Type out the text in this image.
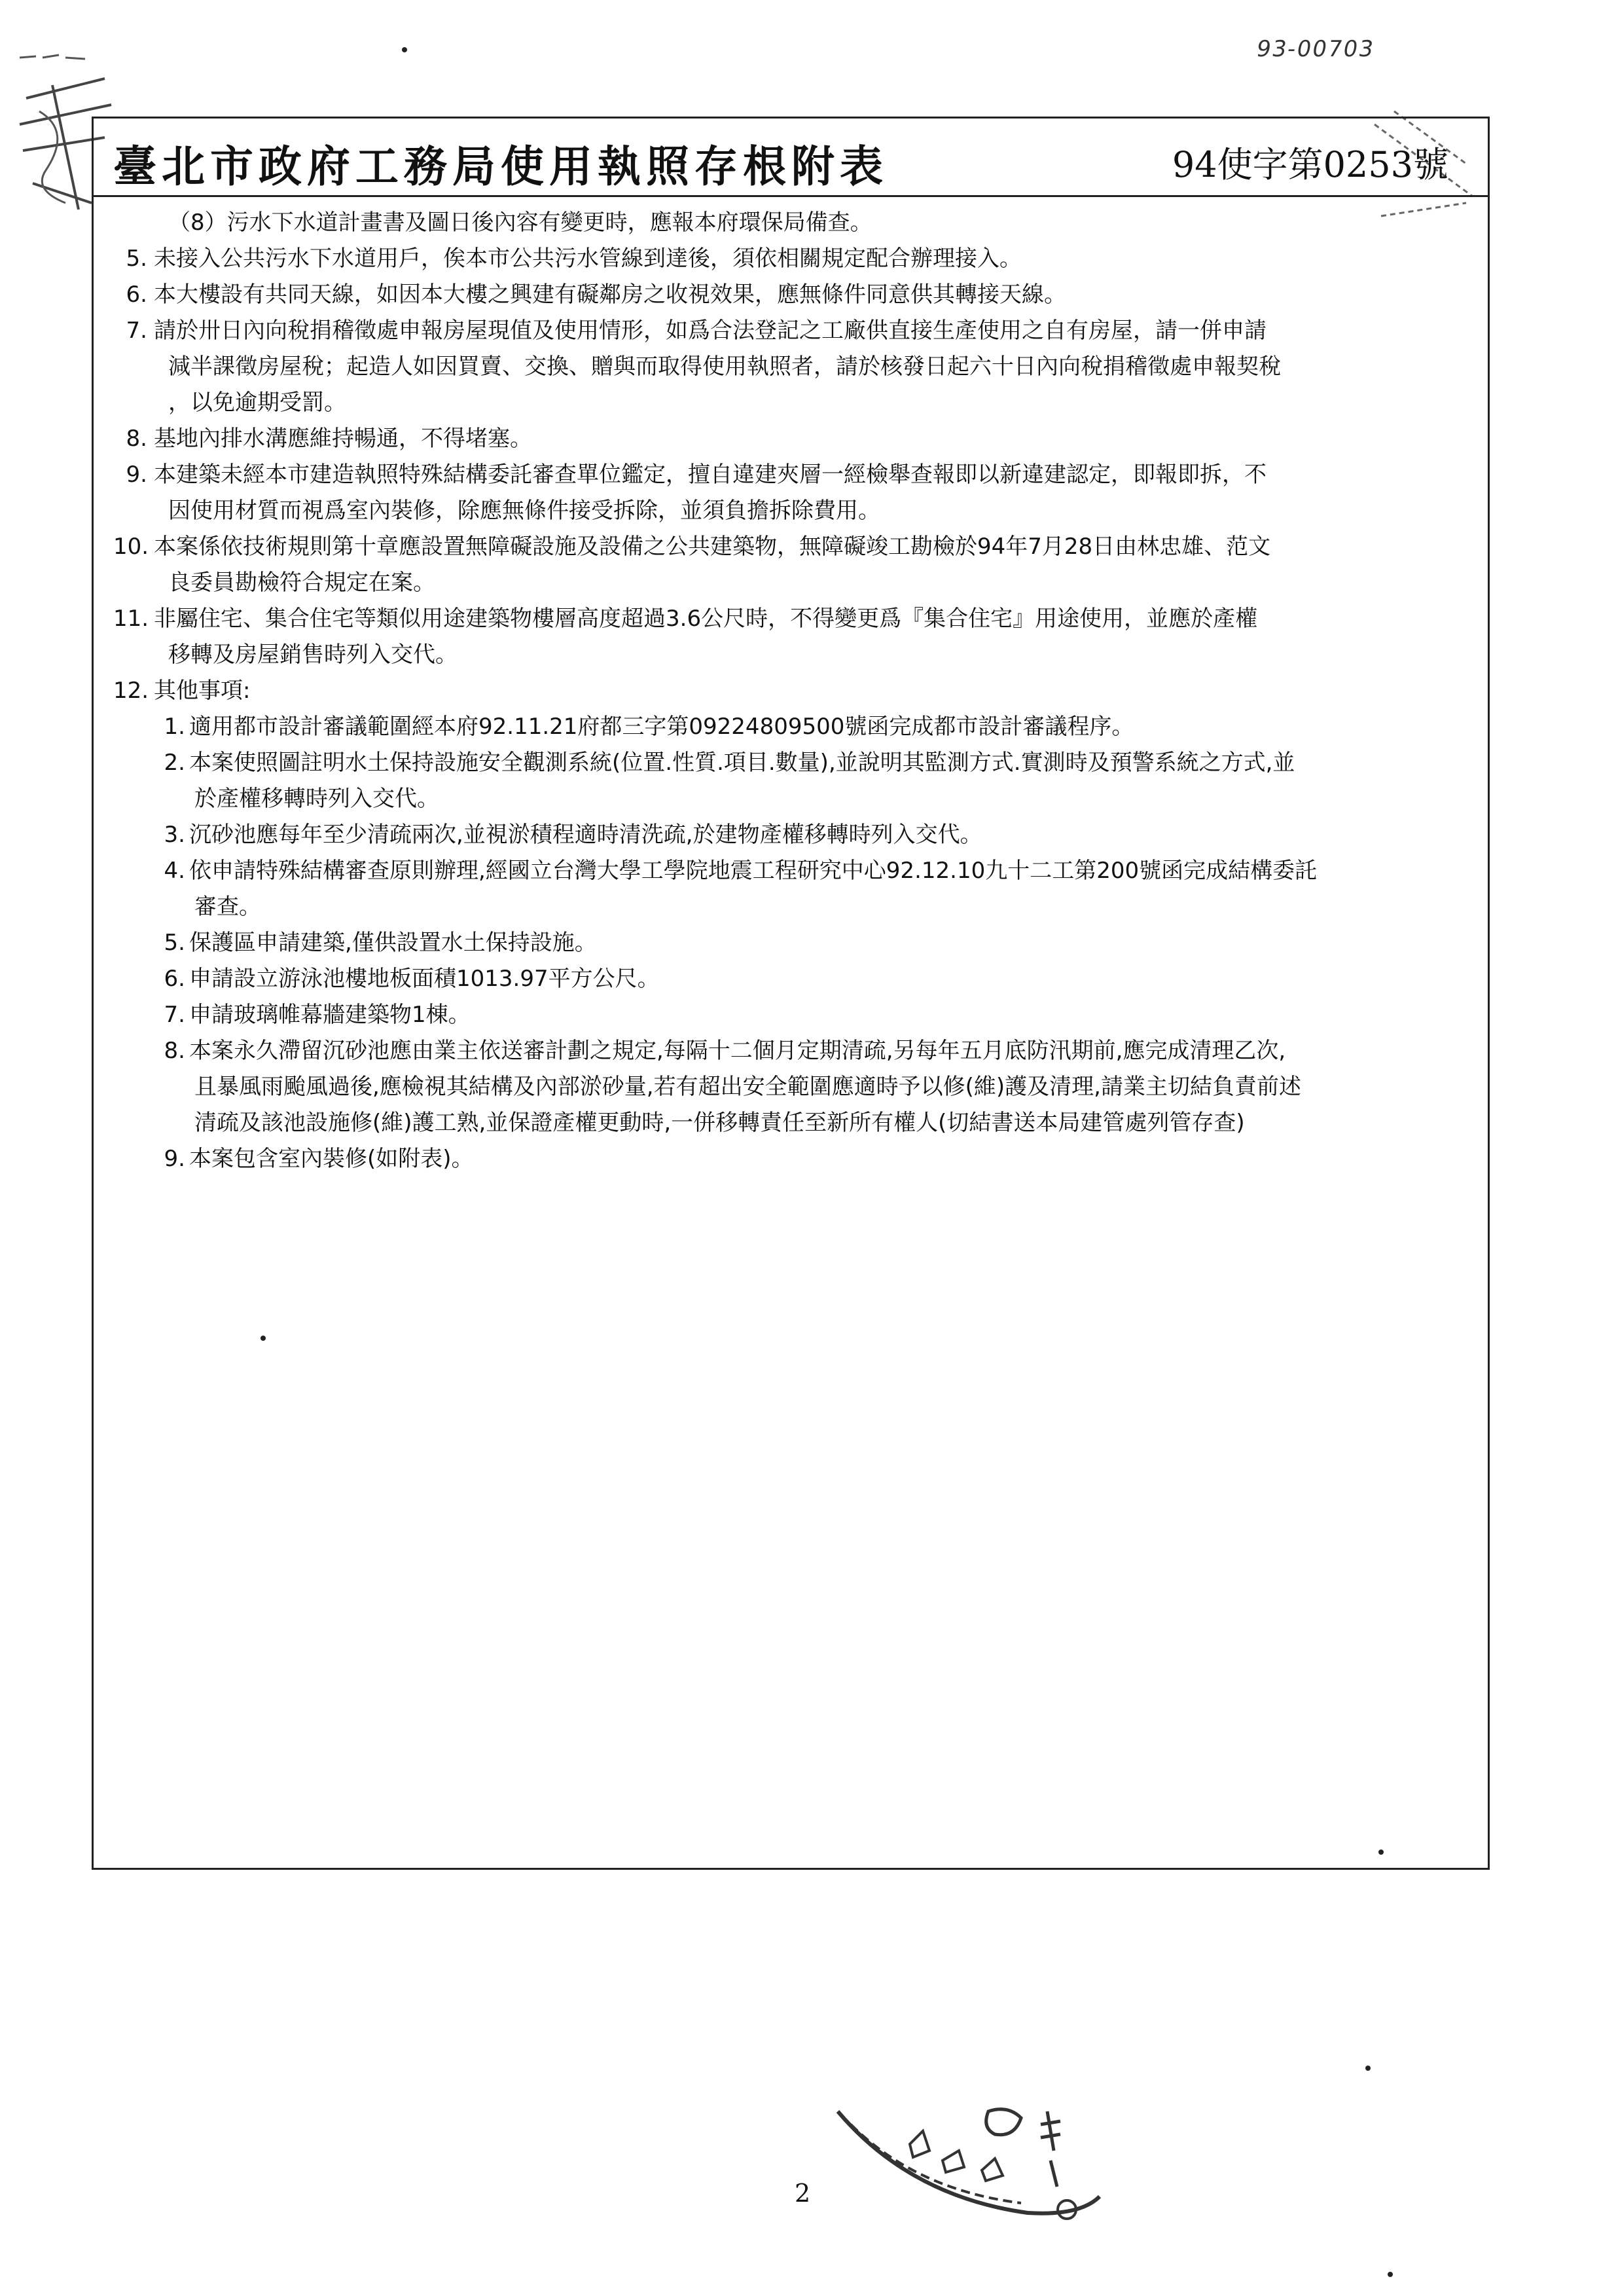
93-00703
臺北市政府工務局使用執照存根附表	94使字第0253號
（8）污水下水道計畫書及圖日後內容有變更時，應報本府環保局備查。
5. 未接入公共污水下水道用戶，俟本市公共污水管線到達後，須依相關規定配合辦理接入。
6. 本大樓設有共同天線，如因本大樓之興建有礙鄰房之收視效果，應無條件同意供其轉接天線。
7. 請於卅日內向稅捐稽徵處申報房屋現值及使用情形，如爲合法登記之工廠供直接生產使用之自有房屋，請一併申請
減半課徵房屋稅；起造人如因買賣、交換、贈與而取得使用執照者，請於核發日起六十日內向稅捐稽徵處申報契稅
，以免逾期受罰。
8. 基地內排水溝應維持暢通，不得堵塞。
9. 本建築未經本市建造執照特殊結構委託審查單位鑑定，擅自違建夾層一經檢舉查報即以新違建認定，即報即拆，不
因使用材質而視爲室內裝修，除應無條件接受拆除，並須負擔拆除費用。
10. 本案係依技術規則第十章應設置無障礙設施及設備之公共建築物，無障礙竣工勘檢於94年7月28日由林忠雄、范文
良委員勘檢符合規定在案。
11. 非屬住宅、集合住宅等類似用途建築物樓層高度超過3.6公尺時，不得變更爲『集合住宅』用途使用，並應於產權
移轉及房屋銷售時列入交代。
12. 其他事項:
1. 適用都市設計審議範圍經本府92.11.21府都三字第09224809500號函完成都市設計審議程序。
2. 本案使照圖註明水土保持設施安全觀測系統(位置.性質.項目.數量),並說明其監測方式.實測時及預警系統之方式,並
於產權移轉時列入交代。
3. 沉砂池應每年至少清疏兩次,並視淤積程適時清洗疏,於建物產權移轉時列入交代。
4. 依申請特殊結構審查原則辦理,經國立台灣大學工學院地震工程研究中心92.12.10九十二工第200號函完成結構委託
審查。
5. 保護區申請建築,僅供設置水土保持設施。
6. 申請設立游泳池樓地板面積1013.97平方公尺。
7. 申請玻璃帷幕牆建築物1棟。
8. 本案永久滯留沉砂池應由業主依送審計劃之規定,每隔十二個月定期清疏,另每年五月底防汛期前,應完成清理乙次,
且暴風雨颱風過後,應檢視其結構及內部淤砂量,若有超出安全範圍應適時予以修(維)護及清理,請業主切結負責前述
清疏及該池設施修(維)護工熟,並保證產權更動時,一併移轉責任至新所有權人(切結書送本局建管處列管存查)
9. 本案包含室內裝修(如附表)。
2
